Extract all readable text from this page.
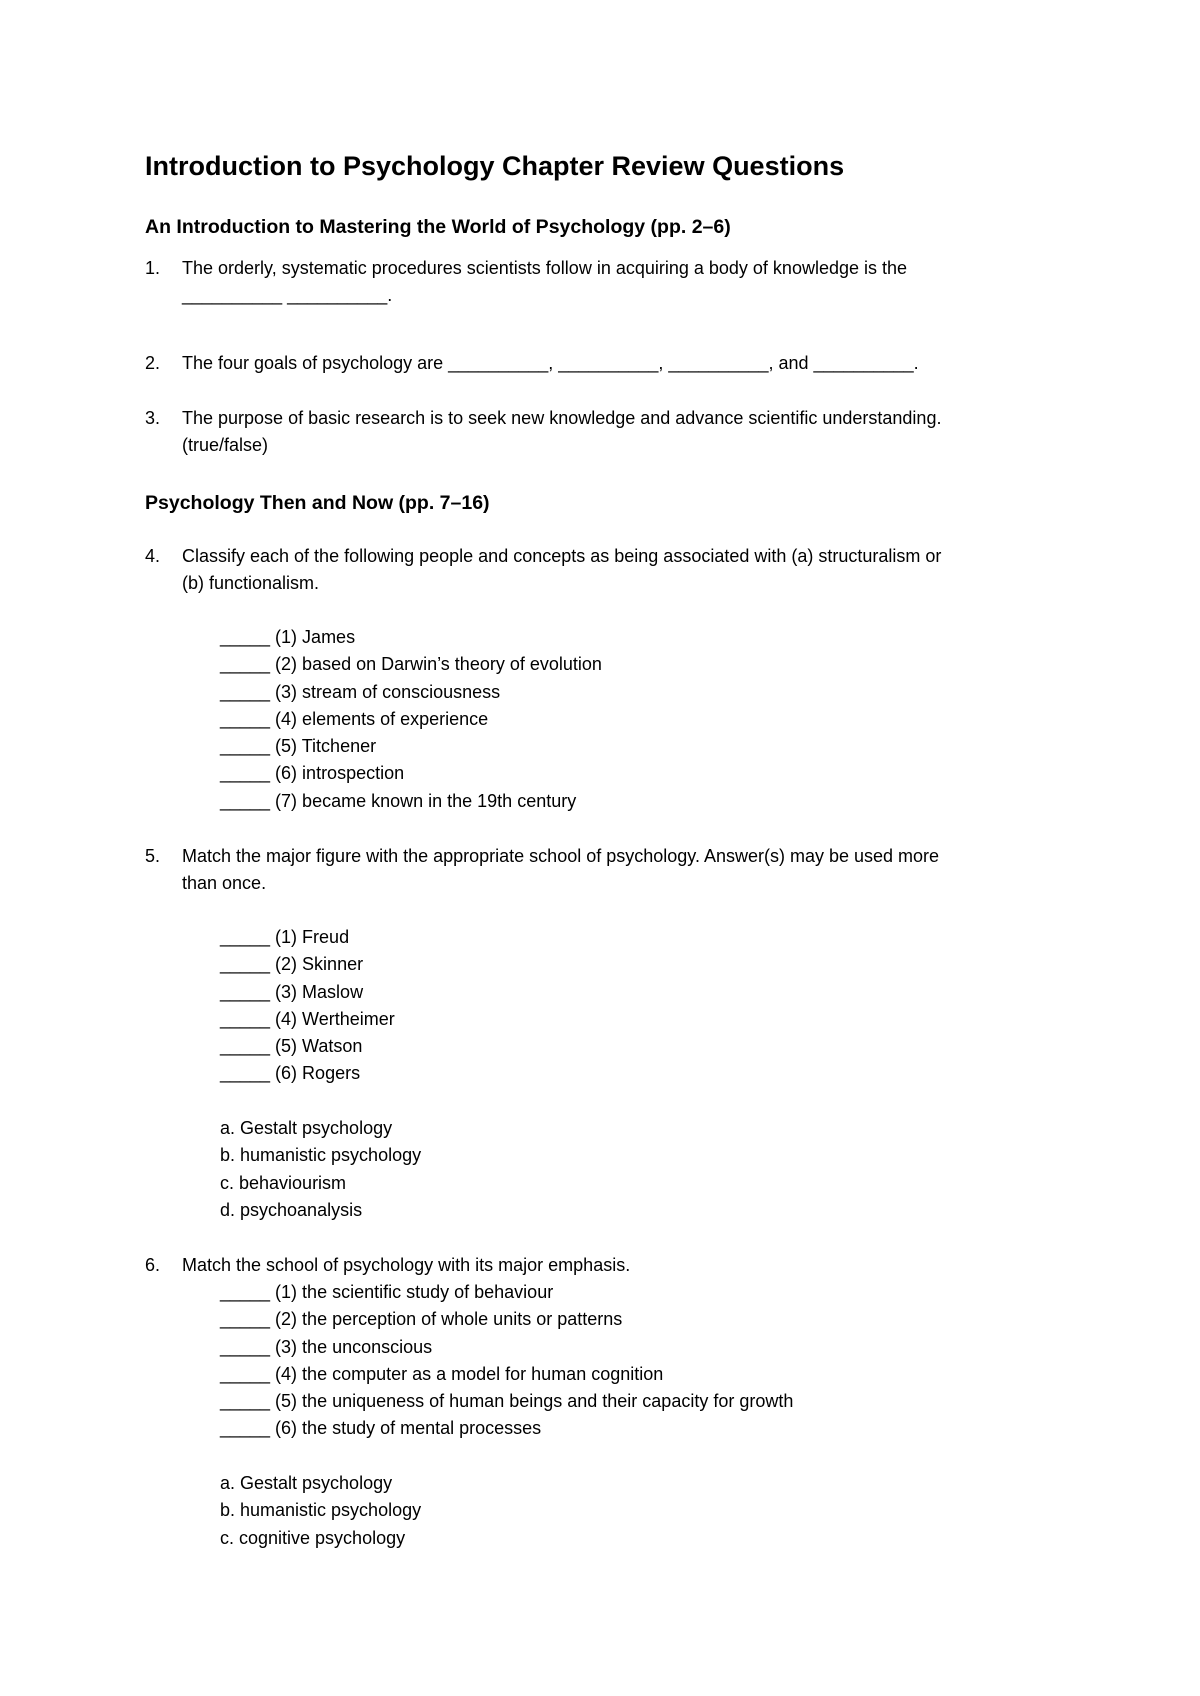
Introduction to Psychology Chapter Review Questions
An Introduction to Mastering the World of Psychology (pp. 2–6)
1. The orderly, systematic procedures scientists follow in acquiring a body of knowledge is the
__________ __________.
2. The four goals of psychology are __________, __________, __________, and __________.
3. The purpose of basic research is to seek new knowledge and advance scientific understanding.
(true/false)
Psychology Then and Now (pp. 7–16)
4. Classify each of the following people and concepts as being associated with (a) structuralism or
(b) functionalism.
_____ (1) James
_____ (2) based on Darwin’s theory of evolution
_____ (3) stream of consciousness
_____ (4) elements of experience
_____ (5) Titchener
_____ (6) introspection
_____ (7) became known in the 19th century
5. Match the major figure with the appropriate school of psychology. Answer(s) may be used more
than once.
_____ (1) Freud
_____ (2) Skinner
_____ (3) Maslow
_____ (4) Wertheimer
_____ (5) Watson
_____ (6) Rogers
a. Gestalt psychology
b. humanistic psychology
c. behaviourism
d. psychoanalysis
6. Match the school of psychology with its major emphasis.
_____ (1) the scientific study of behaviour
_____ (2) the perception of whole units or patterns
_____ (3) the unconscious
_____ (4) the computer as a model for human cognition
_____ (5) the uniqueness of human beings and their capacity for growth
_____ (6) the study of mental processes
a. Gestalt psychology
b. humanistic psychology
c. cognitive psychology
